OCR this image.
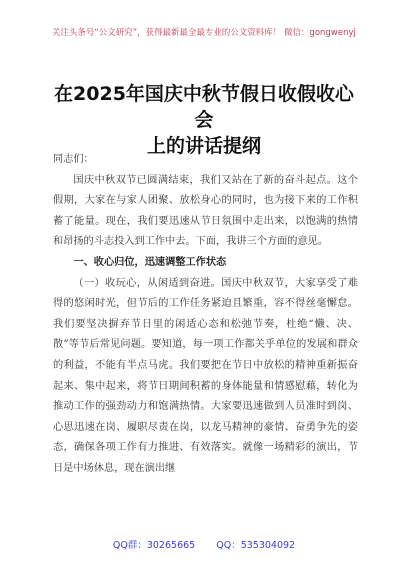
关注头条号“公文研究”，获得最新最全最专业的公文资料库！ 微信：gongwenyj
在2025年国庆中秋节假日收假收心会
上的讲话提纲

同志们：

国庆中秋双节已圆满结束，我们又站在了新的奋斗起点。这个假期，大家在与家人团聚、放松身心的同时，也为接下来的工作积蓄了能量。现在，我们要迅速从节日氛围中走出来，以饱满的热情和昂扬的斗志投入到工作中去。下面，我讲三个方面的意见。

一、收心归位，迅速调整工作状态

（一）收玩心，从闲适到奋进。国庆中秋双节，大家享受了难得的悠闲时光，但节后的工作任务紧迫且繁重，容不得丝毫懈怠。我们要坚决摒弃节日里的闲适心态和松弛节奏，杜绝“懒、决、散”等节后常见问题。要知道，每一项工作都关乎单位的发展和群众的利益，不能有半点马虎。我们要把在节日中放松的精神重新振奋起来、集中起来，将节日期间积蓄的身体能量和情感慰藉，转化为推动工作的强劲动力和饱满热情。大家要迅速做到人员准时到岗、心思迅速在岗、履职尽责在岗，以龙马精神的豪情、奋勇争先的姿态，确保各项工作有力推进、有效落实。就像一场精彩的演出，节日是中场休息，现在演出继

QQ群：30265665 QQ：535304092
